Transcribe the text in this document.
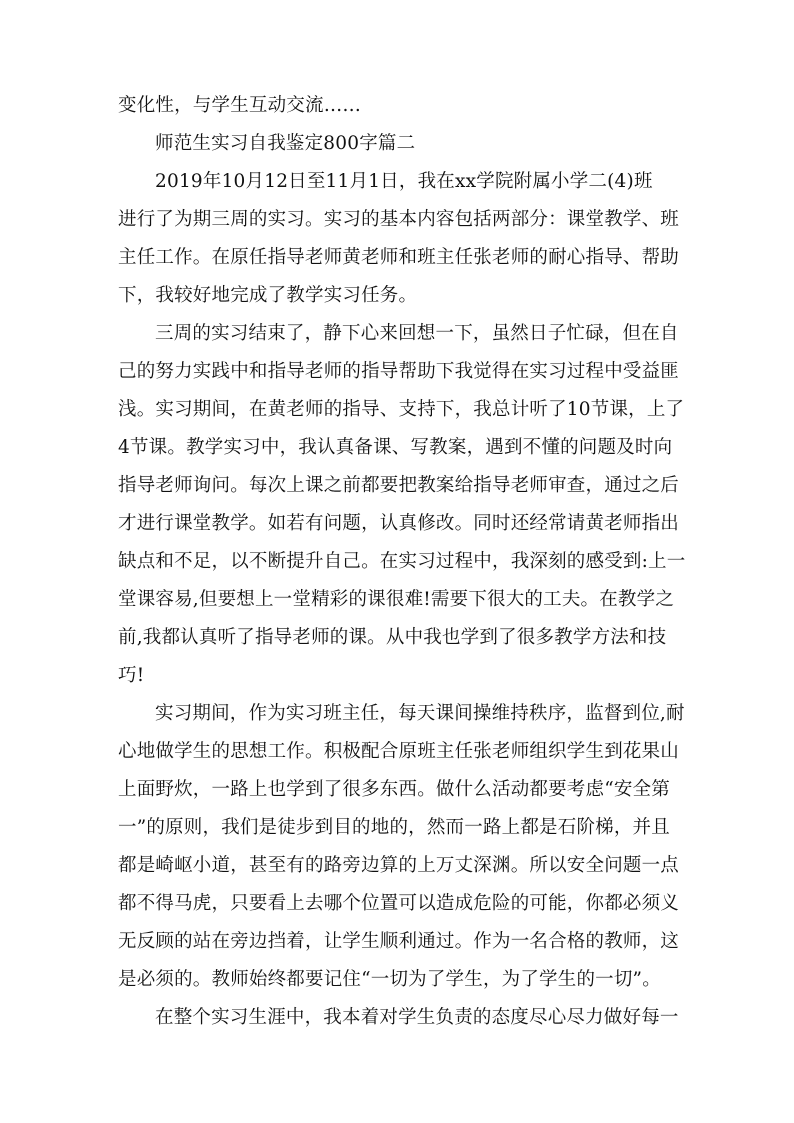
变化性，与学生互动交流……
师范生实习自我鉴定800字篇二
2019年10月12日至11月1日，我在xx学院附属小学二(4)班
进行了为期三周的实习。实习的基本内容包括两部分：课堂教学、班
主任工作。在原任指导老师黄老师和班主任张老师的耐心指导、帮助
下，我较好地完成了教学实习任务。
三周的实习结束了，静下心来回想一下，虽然日子忙碌，但在自
己的努力实践中和指导老师的指导帮助下我觉得在实习过程中受益匪
浅。实习期间，在黄老师的指导、支持下，我总计听了10节课，上了
4节课。教学实习中，我认真备课、写教案，遇到不懂的问题及时向
指导老师询问。每次上课之前都要把教案给指导老师审查，通过之后
才进行课堂教学。如若有问题，认真修改。同时还经常请黄老师指出
缺点和不足，以不断提升自己。在实习过程中，我深刻的感受到:上一
堂课容易,但要想上一堂精彩的课很难!需要下很大的工夫。在教学之
前,我都认真听了指导老师的课。从中我也学到了很多教学方法和技
巧!
实习期间，作为实习班主任，每天课间操维持秩序，监督到位,耐
心地做学生的思想工作。积极配合原班主任张老师组织学生到花果山
上面野炊，一路上也学到了很多东西。做什么活动都要考虑“安全第
一”的原则，我们是徒步到目的地的，然而一路上都是石阶梯，并且
都是崎岖小道，甚至有的路旁边算的上万丈深渊。所以安全问题一点
都不得马虎，只要看上去哪个位置可以造成危险的可能，你都必须义
无反顾的站在旁边挡着，让学生顺利通过。作为一名合格的教师，这
是必须的。教师始终都要记住“一切为了学生，为了学生的一切”。
在整个实习生涯中，我本着对学生负责的态度尽心尽力做好每一
